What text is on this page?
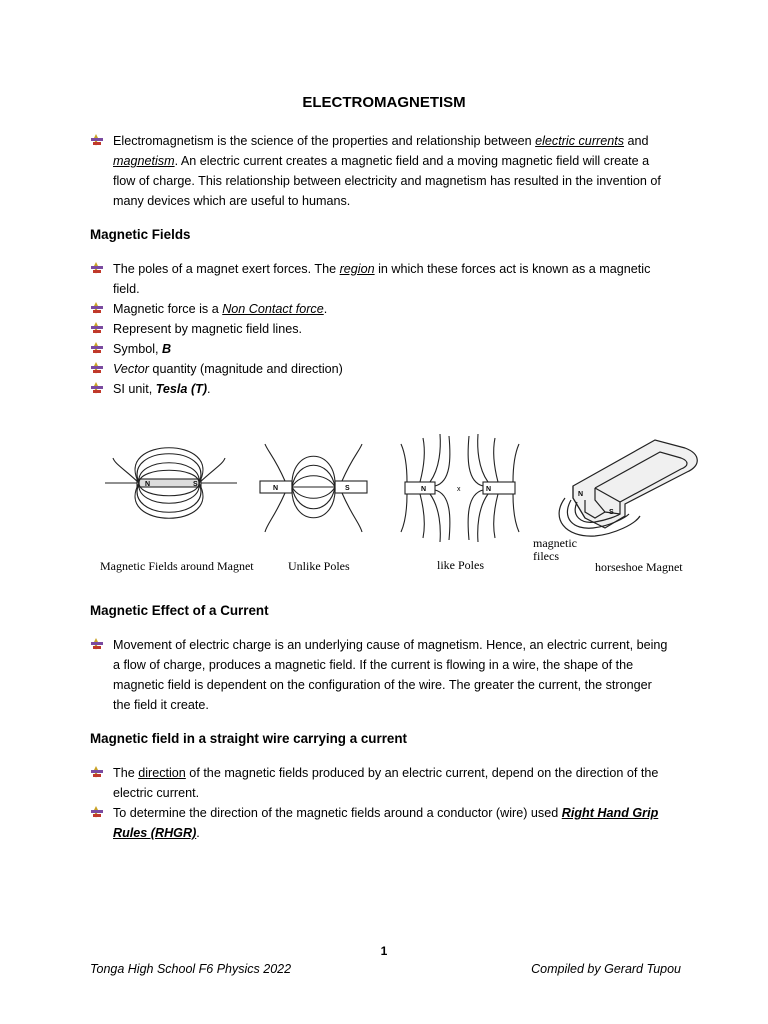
ELECTROMAGNETISM
Electromagnetism is the science of the properties and relationship between electric currents and
magnetism. An electric current creates a magnetic field and a moving magnetic field will create a
flow of charge. This relationship between electricity and magnetism has resulted in the invention of
many devices which are useful to humans.
Magnetic Fields
The poles of a magnet exert forces. The region in which these forces act is known as a magnetic
field.
Magnetic force is a Non Contact force.
Represent by magnetic field lines.
Symbol, B
Vector quantity (magnitude and direction)
SI unit, Tesla (T).
N	S
N	S	N	N
x
N
S
Magnetic Fields around Magnet	Unlike Poles	like Poles
magnetic
filecs
horseshoe Magnet
Magnetic Effect of a Current
Movement of electric charge is an underlying cause of magnetism. Hence, an electric current, being
a flow of charge, produces a magnetic field. If the current is flowing in a wire, the shape of the
magnetic field is dependent on the configuration of the wire. The greater the current, the stronger
the field it create.
Magnetic field in a straight wire carrying a current
The direction of the magnetic fields produced by an electric current, depend on the direction of the
electric current.
To determine the direction of the magnetic fields around a conductor (wire) used Right Hand Grip
Rules (RHGR).
1
Tonga High School F6 Physics 2022	Compiled by Gerard Tupou
